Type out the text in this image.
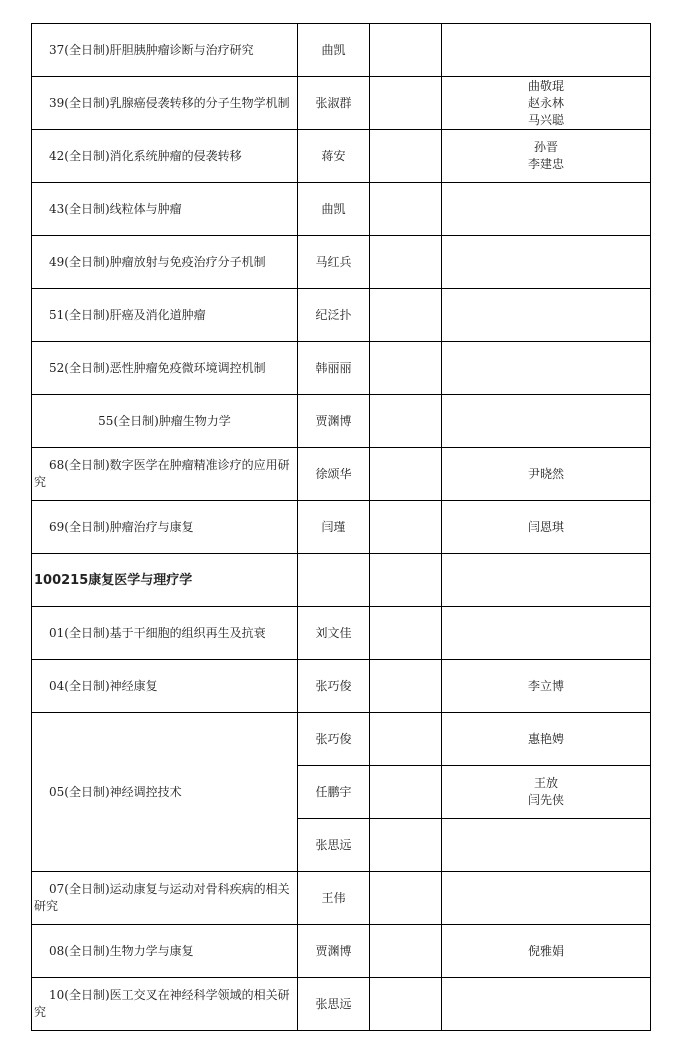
37(全日制)肝胆胰肿瘤诊断与治疗研究	曲凯		
39(全日制)乳腺癌侵袭转移的分子生物学机制	张淑群		曲敬琨
赵永林
马兴聪

42(全日制)消化系统肿瘤的侵袭转移	蒋安		孙晋
李建忠

43(全日制)线粒体与肿瘤	曲凯		
49(全日制)肿瘤放射与免疫治疗分子机制	马红兵		
51(全日制)肝癌及消化道肿瘤	纪泛扑		
52(全日制)恶性肿瘤免疫微环境调控机制	韩丽丽		
55(全日制)肿瘤生物力学	贾渊博		
68(全日制)数字医学在肿瘤精准诊疗的应用研究	徐颂华		尹晓然

69(全日制)肿瘤治疗与康复	闫瑾		闫恩琪

100215康复医学与理疗学			
01(全日制)基于干细胞的组织再生及抗衰	刘文佳		
04(全日制)神经康复	张巧俊		李立博

05(全日制)神经调控技术	张巧俊		惠艳娉

	任鹏宇		王放
闫先侠

	张思远		
07(全日制)运动康复与运动对骨科疾病的相关研究	王伟		
08(全日制)生物力学与康复	贾渊博		倪雅娟

10(全日制)医工交叉在神经科学领域的相关研究	张思远		
